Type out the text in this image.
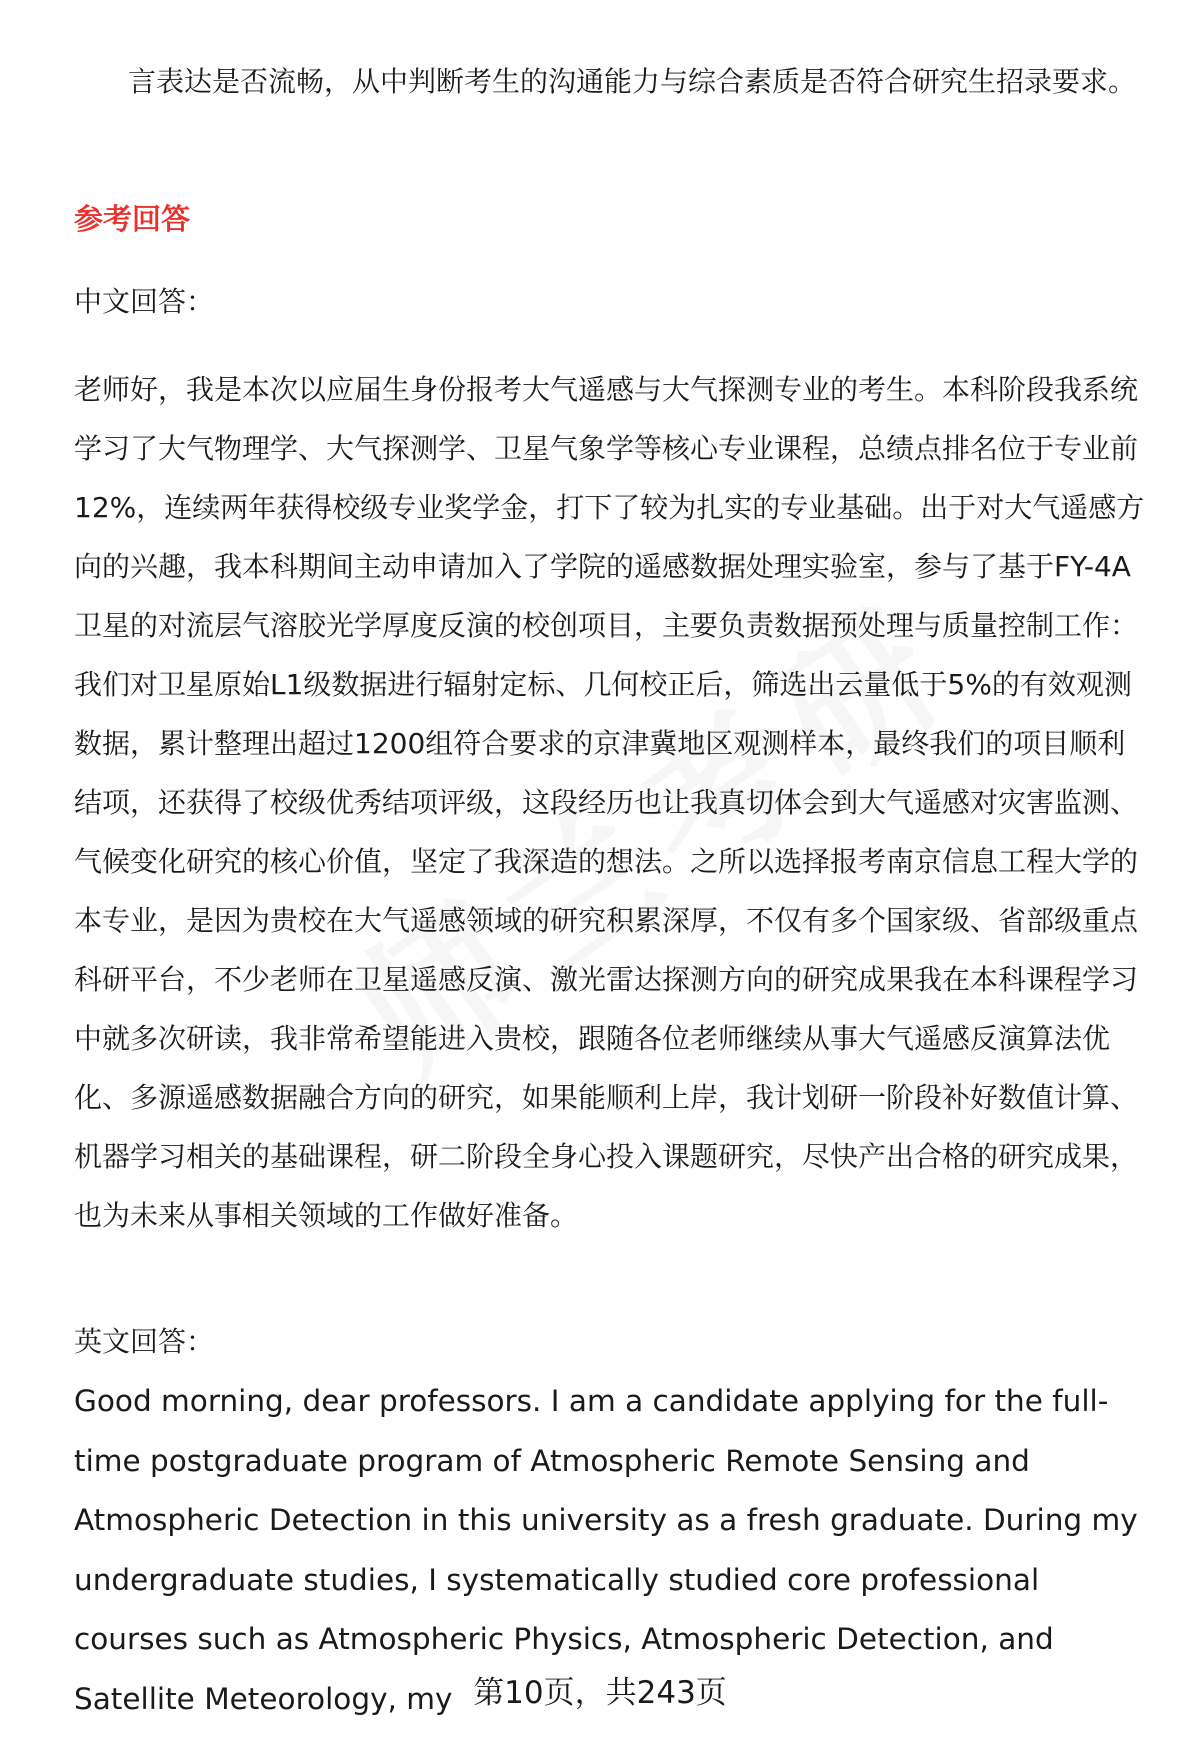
言表达是否流畅，从中判断考生的沟通能力与综合素质是否符合研究生招录要求。

参考回答

中文回答：

老师好，我是本次以应届生身份报考大气遥感与大气探测专业的考生。本科阶段我系统学习了大气物理学、大气探测学、卫星气象学等核心专业课程，总绩点排名位于专业前12%，连续两年获得校级专业奖学金，打下了较为扎实的专业基础。出于对大气遥感方向的兴趣，我本科期间主动申请加入了学院的遥感数据处理实验室，参与了基于FY-4A卫星的对流层气溶胶光学厚度反演的校创项目，主要负责数据预处理与质量控制工作：我们对卫星原始L1级数据进行辐射定标、几何校正后，筛选出云量低于5%的有效观测数据，累计整理出超过1200组符合要求的京津冀地区观测样本，最终我们的项目顺利结项，还获得了校级优秀结项评级，这段经历也让我真切体会到大气遥感对灾害监测、气候变化研究的核心价值，坚定了我深造的想法。之所以选择报考南京信息工程大学的本专业，是因为贵校在大气遥感领域的研究积累深厚，不仅有多个国家级、省部级重点科研平台，不少老师在卫星遥感反演、激光雷达探测方向的研究成果我在本科课程学习中就多次研读，我非常希望能进入贵校，跟随各位老师继续从事大气遥感反演算法优化、多源遥感数据融合方向的研究，如果能顺利上岸，我计划研一阶段补好数值计算、机器学习相关的基础课程，研二阶段全身心投入课题研究，尽快产出合格的研究成果，也为未来从事相关领域的工作做好准备。

英文回答：

Good morning, dear professors. I am a candidate applying for the full-time postgraduate program of Atmospheric Remote Sensing and Atmospheric Detection in this university as a fresh graduate. During my undergraduate studies, I systematically studied core professional courses such as Atmospheric Physics, Atmospheric Detection, and Satellite Meteorology, my 第10页，共243页
